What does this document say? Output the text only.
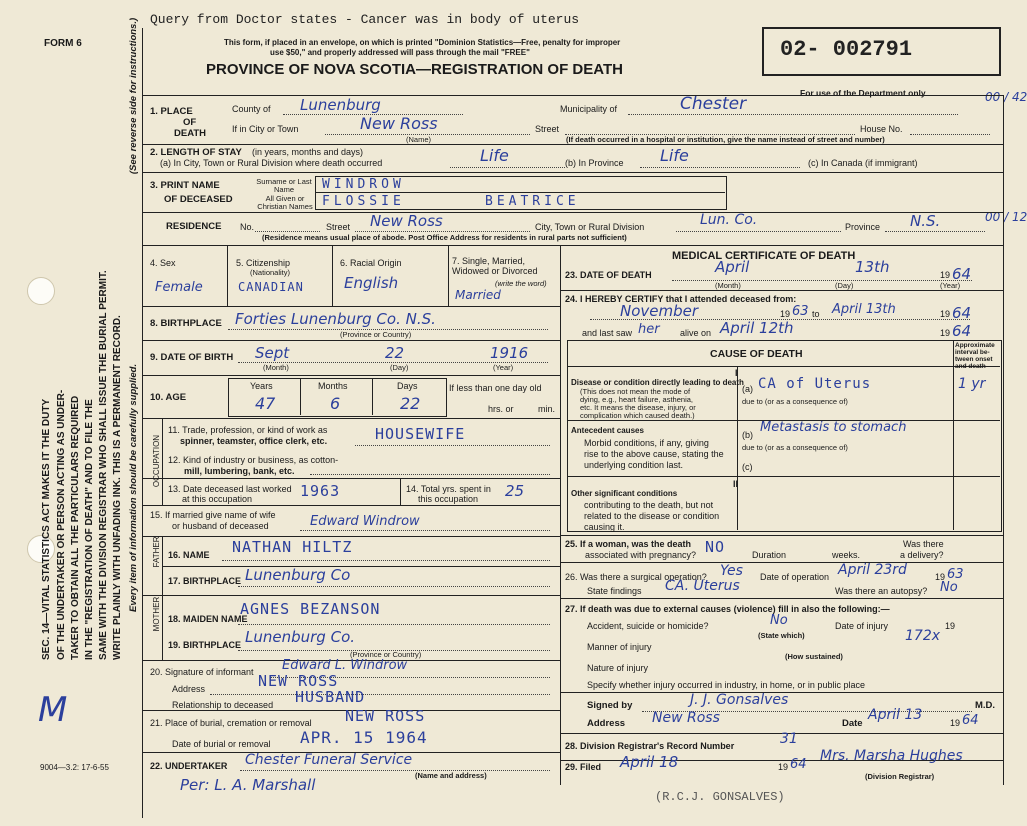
SEC. 14—VITAL STATISTICS ACT MAKES IT THE DUTY OF THE UNDERTAKER OR PERSON ACTING AS UNDER- TAKER TO OBTAIN ALL THE PARTICULARS REQUIRED IN THE "REGISTRATION OF DEATH" AND TO FILE THE SAME WITH THE DIVISION REGISTRAR WHO SHALL ISSUE THE BURIAL PERMIT. WRITE PLAINLY WITH UNFADING INK. THIS IS A PERMANENT RECORD. Every item of information should be carefully supplied.
(See reverse side for instructions.)
M
9004—3.2: 17-6-55
Query from Doctor states - Cancer was in body of uterus
FORM 6	This form, if placed in an envelope, on which is printed "Dominion Statistics—Free, penalty for improper
use $50," and properly addressed will pass through the mail "FREE"
PROVINCE OF NOVA SCOTIA—REGISTRATION OF DEATH
02- 002791
For use of the Department only	00 / 42
00 / 12
1. PLACE
OF
DEATH
County of Lunenburg	Municipality of	Chester
If in City or Town	New Ross
(Name)
Street	House No.
(If death occurred in a hospital or institution, give the name instead of street and number)
2. LENGTH OF STAY (in years, months and days)
(a) In City, Town or Rural Division where death occurred	Life	(b) In Province Life	(c) In Canada (if immigrant)
3. PRINT NAME
OF DECEASED
Surname or Last Name
All Given or Christian Names
WINDROW
FLOSSIE	BEATRICE
RESIDENCE No.	Street New Ross	City, Town or Rural Division	Lun. Co.	Province N.S.
(Residence means usual place of abode. Post Office Address for residents in rural parts not sufficient)
4. Sex
Female
5. Citizenship
(Nationality)
CANADIAN
6. Racial Origin
English
7. Single, Married, Widowed or Divorced
(write the word)
Married
8. BIRTHPLACE Forties Lunenburg Co. N.S.
(Province or Country)
9. DATE OF BIRTH Sept	22	1916
(Month)	(Day)	(Year)
10. AGE
Years	Months	Days
47	6	22
If less than one day old
hrs. or	min.
OCCUPATION
11. Trade, profession, or kind of work as
spinner, teamster, office clerk, etc.	HOUSEWIFE
12. Kind of industry or business, as cotton-
mill, lumbering, bank, etc.
13. Date deceased last worked
at this occupation	1963	14. Total yrs. spent in
this occupation 25
15. If married give name of wife
or husband of deceased	Edward Windrow
FATHER
MOTHER
16. NAME NATHAN HILTZ
17. BIRTHPLACE Lunenburg Co
18. MAIDEN NAME
AGNES BEZANSON
19. BIRTHPLACE Lunenburg Co.
(Province or Country)
20. Signature of informant Edward L. Windrow
Address	NEW ROSS
Relationship to deceased HUSBAND
21. Place of burial, cremation or removal NEW ROSS
Date of burial or removal APR. 15 1964
22. UNDERTAKER Chester Funeral Service
(Name and address)
Per: L. A. Marshall
MEDICAL CERTIFICATE OF DEATH
23. DATE OF DEATH	April	13th	19 64
(Month)	(Day)	(Year)
24. I HEREBY CERTIFY that I attended deceased from:
November	19 63 to April 13th	19 64
and last saw her alive on April 12th	19 64
CAUSE OF DEATH
Approximate interval be-tween onset and death
I
Disease or condition directly leading to death
(This does not mean the mode of
dying, e.g., heart failure, asthenia,
etc. It means the disease, injury, or
complication which caused death.)
(a) CA of Uterus
due to (or as a consequence of)
1 yr
Antecedent causes
Morbid conditions, if any, giving
rise to the above cause, stating the
underlying condition last.
(b) Metastasis to stomach
due to (or as a consequence of)
(c)
II
Other significant conditions
contributing to the death, but not
related to the disease or condition
causing it.
25. If a woman, was the death
associated with pregnancy? NO	Duration	weeks.
Was there
a delivery?
26. Was there a surgical operation? Yes Date of operation April 23rd	19 63
State findings CA. Uterus	Was there an autopsy? No
27. If death was due to external causes (violence) fill in also the following:—
Accident, suicide or homicide?	No
(State which)
Date of injury	19
172x
Manner of injury
(How sustained)
Nature of injury
Specify whether injury occurred in industry, in home, or in public place
Signed by	J. J. Gonsalves	M.D.
Address New Ross	Date
April 13	19 64
28. Division Registrar's Record Number	31
29. Filed April 18	19 64
Mrs. Marsha Hughes
(Division Registrar)
(R.C.J. GONSALVES)
